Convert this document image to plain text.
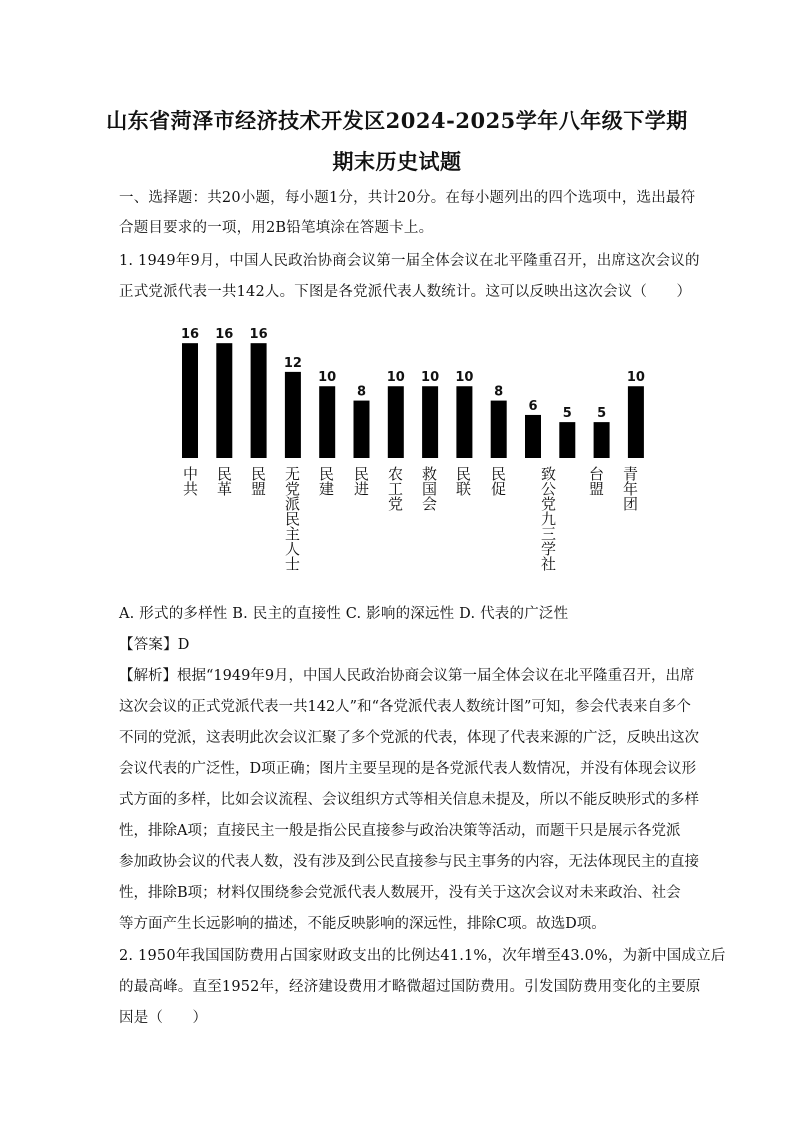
山东省菏泽市经济技术开发区2024-2025学年八年级下学期
期末历史试题
一、选择题：共20小题，每小题1分，共计20分。在每小题列出的四个选项中，选出最符
合题目要求的一项，用2B铅笔填涂在答题卡上。
1. 1949年9月，中国人民政治协商会议第一届全体会议在北平隆重召开，出席这次会议的
正式党派代表一共142人。下图是各党派代表人数统计。这可以反映出这次会议（　　）
16 16 16
12
10
8
10 10 10
8
6 5 5
10
中共 民革 民盟 无党派民主人士 民建 民进 农工党 救国会 民联 民促 致公党九三学社 台盟 青年团
A. 形式的多样性 B. 民主的直接性 C. 影响的深远性 D. 代表的广泛性
【答案】D
【解析】根据“1949年9月，中国人民政治协商会议第一届全体会议在北平隆重召开，出席
这次会议的正式党派代表一共142人”和“各党派代表人数统计图”可知，参会代表来自多个
不同的党派，这表明此次会议汇聚了多个党派的代表，体现了代表来源的广泛，反映出这次
会议代表的广泛性，D项正确；图片主要呈现的是各党派代表人数情况，并没有体现会议形
式方面的多样，比如会议流程、会议组织方式等相关信息未提及，所以不能反映形式的多样
性，排除A项；直接民主一般是指公民直接参与政治决策等活动，而题干只是展示各党派
参加政协会议的代表人数，没有涉及到公民直接参与民主事务的内容，无法体现民主的直接
性，排除B项；材料仅围绕参会党派代表人数展开，没有关于这次会议对未来政治、社会
等方面产生长远影响的描述，不能反映影响的深远性，排除C项。故选D项。
2. 1950年我国国防费用占国家财政支出的比例达41.1%，次年增至43.0%，为新中国成立后
的最高峰。直至1952年，经济建设费用才略微超过国防费用。引发国防费用变化的主要原
因是（　　）
